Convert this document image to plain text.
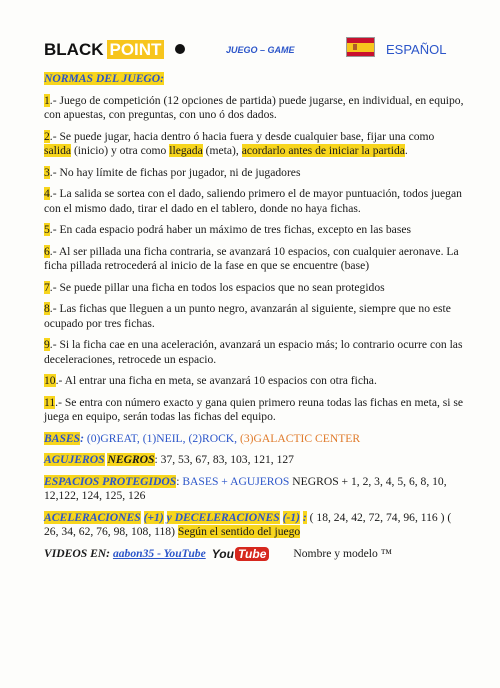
BLACK POINT	JUEGO – GAME	ESPAÑOL

NORMAS DEL JUEGO:

1.- Juego de competición (12 opciones de partida) puede jugarse, en individual, en equipo, con apuestas, con preguntas, con uno ó dos dados.

2.- Se puede jugar, hacia dentro ó hacia fuera y desde cualquier base, fijar una como salida (inicio) y otra como llegada (meta), acordarlo antes de iniciar la partida.

3.- No hay límite de fichas por jugador, ni de jugadores

4.- La salida se sortea con el dado, saliendo primero el de mayor puntuación, todos juegan con el mismo dado, tirar el dado en el tablero, donde no haya fichas.

5.- En cada espacio podrá haber un máximo de tres fichas, excepto en las bases

6.- Al ser pillada una ficha contraria, se avanzará 10 espacios, con cualquier aeronave. La ficha pillada retrocederá al inicio de la fase en que se encuentre (base)

7.- Se puede pillar una ficha en todos los espacios que no sean protegidos

8.- Las fichas que lleguen a un punto negro, avanzarán al siguiente, siempre que no este ocupado por tres fichas.

9.- Si la ficha cae en una aceleración, avanzará un espacio más; lo contrario ocurre con las deceleraciones, retrocede un espacio.

10.- Al entrar una ficha en meta, se avanzará 10 espacios con otra ficha.

11.- Se entra con número exacto y gana quien primero reuna todas las fichas en meta, si se juega en equipo, serán todas las fichas del equipo.

BASES: (0)GREAT, (1)NEIL, (2)ROCK, (3)GALACTIC CENTER

AGUJEROS NEGROS: 37, 53, 67, 83, 103, 121, 127

ESPACIOS PROTEGIDOS: BASES + AGUJEROS NEGROS + 1, 2, 3, 4, 5, 6, 8, 10, 12,122, 124, 125, 126

ACELERACIONES (+1) y DECELERACIONES (-1) : ( 18, 24, 42, 72, 74, 96, 116 ) ( 26, 34, 62, 76, 98, 108, 118) Según el sentido del juego

VIDEOS EN: aabon35 - YouTube You Tube Nombre y modelo ™
